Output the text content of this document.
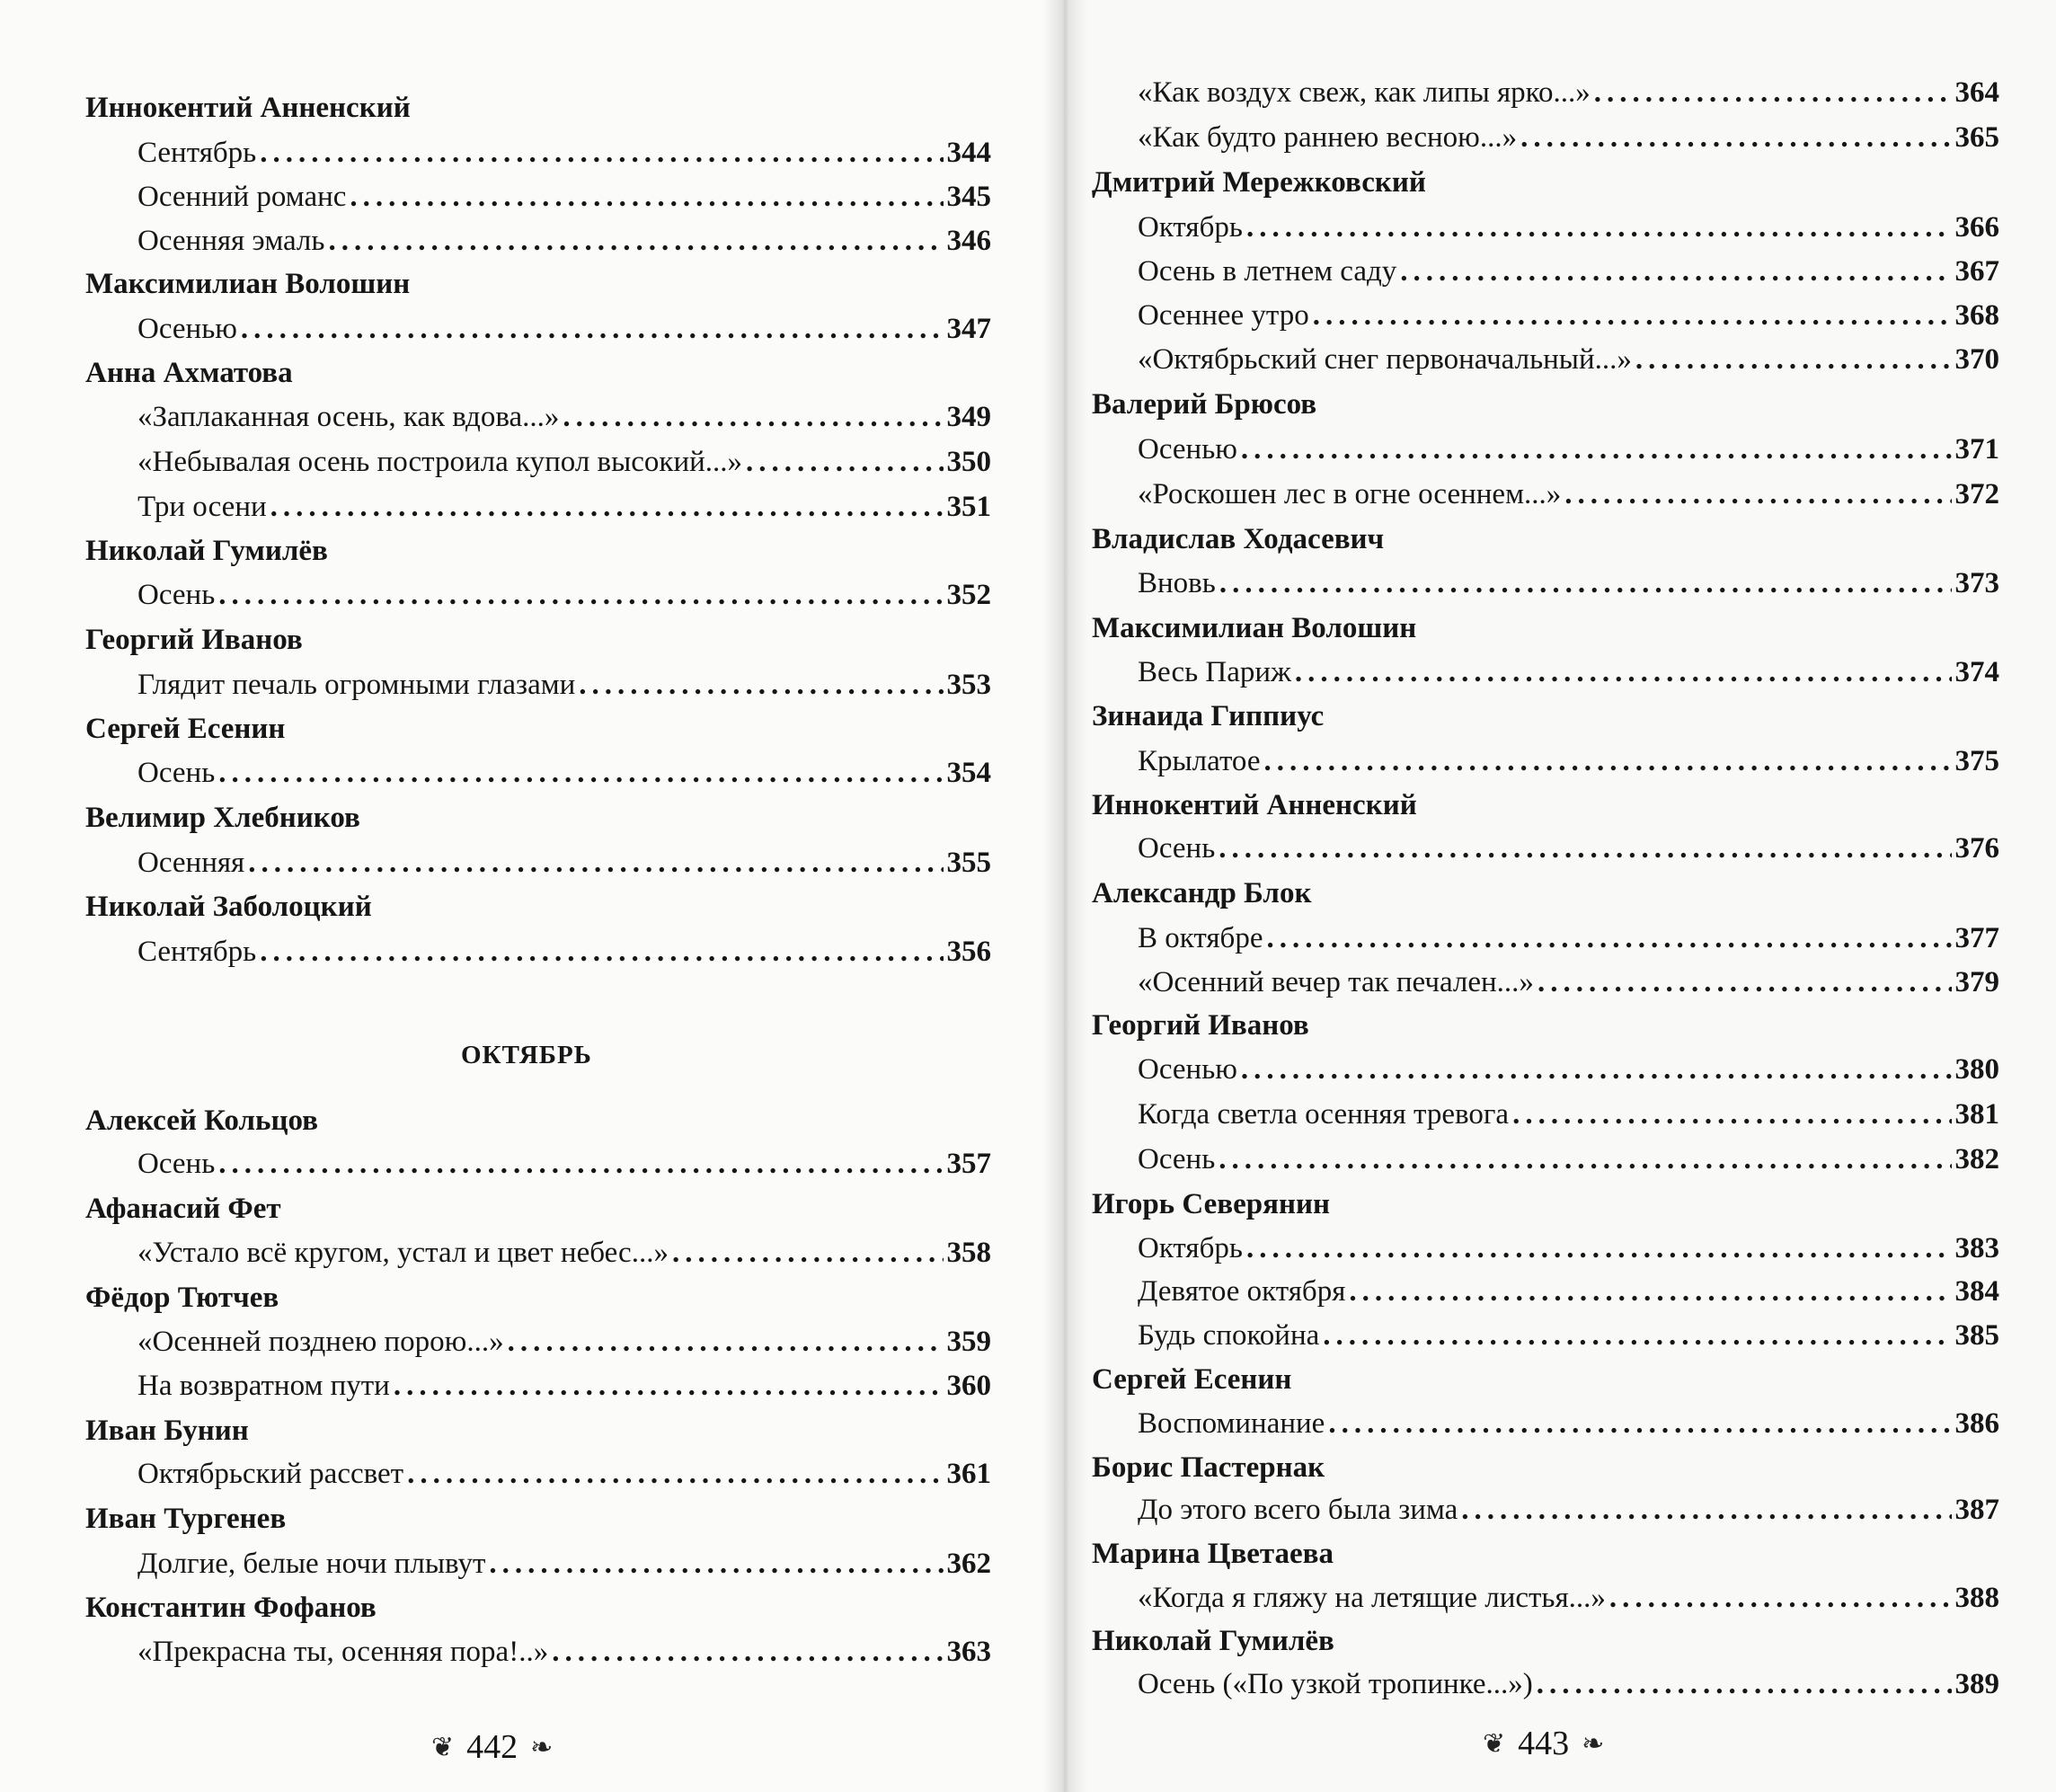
Иннокентий Анненский
Сентябрь .....	344
Осенний романс .....	345
Осенняя эмаль .....	346
Максимилиан Волошин
Осенью .....	347
Анна Ахматова
«Заплаканная осень, как вдова...» .....	349
«Небывалая осень построила купол высокий...» .....	350
Три осени .....	351
Николай Гумилёв
Осень .....	352
Георгий Иванов
Глядит печаль огромными глазами .....	353
Сергей Есенин
Осень .....	354
Велимир Хлебников
Осенняя .....	355
Николай Заболоцкий
Сентябрь .....	356
ОКТЯБРЬ
Алексей Кольцов
Осень .....	357
Афанасий Фет
«Устало всё кругом, устал и цвет небес...» .....	358
Фёдор Тютчев
«Осенней позднею порою...» .....	359
На возвратном пути .....	360
Иван Бунин
Октябрьский рассвет .....	361
Иван Тургенев
Долгие, белые ночи плывут .....	362
Константин Фофанов
«Прекрасна ты, осенняя пора!..» .....	363
❦ 442 ❧
«Как воздух свеж, как липы ярко...» .....	364
«Как будто раннею весною...» .....	365
Дмитрий Мережковский
Октябрь .....	366
Осень в летнем саду .....	367
Осеннее утро .....	368
«Октябрьский снег первоначальный...» .....	370
Валерий Брюсов
Осенью .....	371
«Роскошен лес в огне осеннем...» .....	372
Владислав Ходасевич
Вновь .....	373
Максимилиан Волошин
Весь Париж .....	374
Зинаида Гиппиус
Крылатое .....	375
Иннокентий Анненский
Осень .....	376
Александр Блок
В октябре .....	377
«Осенний вечер так печален...» .....	379
Георгий Иванов
Осенью .....	380
Когда светла осенняя тревога .....	381
Осень .....	382
Игорь Северянин
Октябрь .....	383
Девятое октября .....	384
Будь спокойна .....	385
Сергей Есенин
Воспоминание .....	386
Борис Пастернак
До этого всего была зима .....	387
Марина Цветаева
«Когда я гляжу на летящие листья...» .....	388
Николай Гумилёв
Осень («По узкой тропинке...») .....	389
❦ 443 ❧
